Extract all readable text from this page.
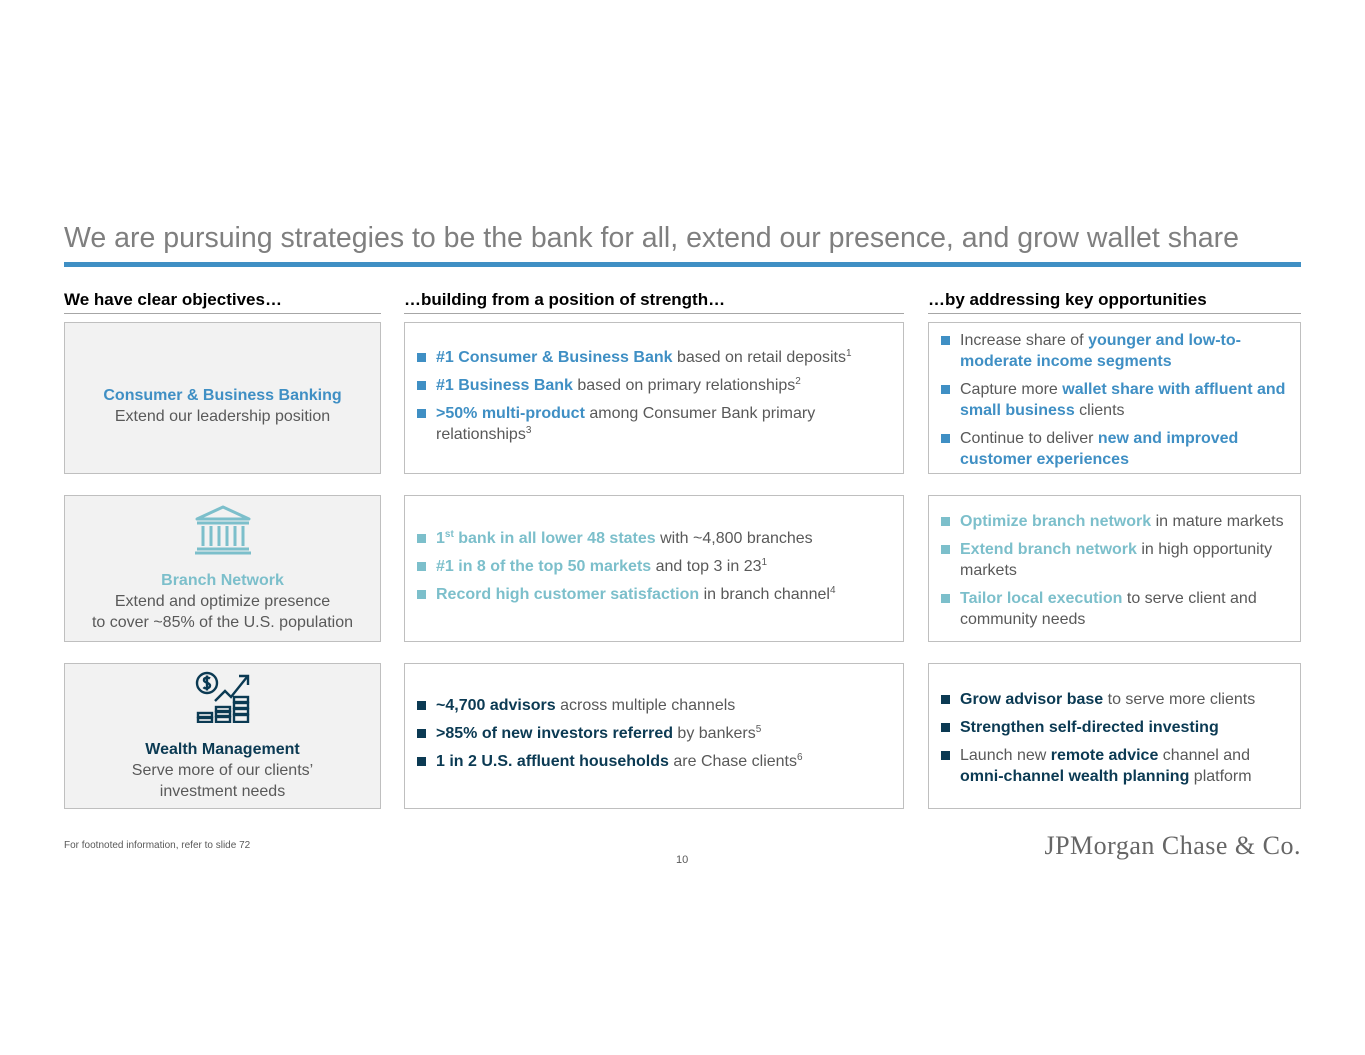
We are pursuing strategies to be the bank for all, extend our presence, and grow wallet share
We have clear objectives…	…building from a position of strength…	…by addressing key opportunities
Consumer & Business Banking
Extend our leadership position
#1 Consumer & Business Bank based on retail deposits$^1$
#1 Business Bank based on primary relationships$^2$
>50% multi-product among Consumer Bank primary relationships$^3$
Increase share of younger and low-to-moderate income segments
Capture more wallet share with affluent and small business clients
Continue to deliver new and improved customer experiences
Branch Network
Extend and optimize presence
to cover ~85% of the U.S. population
1st bank in all lower 48 states with ~4,800 branches
#1 in 8 of the top 50 markets and top 3 in $23^1$
Record high customer satisfaction in branch channel$^4$
Optimize branch network in mature markets
Extend branch network in high opportunity markets
Tailor local execution to serve client and community needs
Wealth Management
Serve more of our clients’
investment needs
~4,700 advisors across multiple channels
>85% of new investors referred by bankers$^5$
1 in 2 U.S. affluent households are Chase clients$^6$
Grow advisor base to serve more clients
Strengthen self-directed investing
Launch new remote advice channel and omni-channel wealth planning platform
For footnoted information, refer to slide 72
10	JPMorgan Chase & Co.
